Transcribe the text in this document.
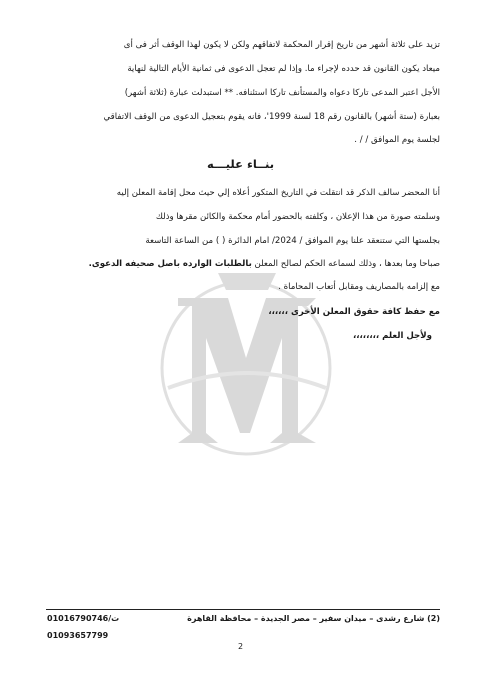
تزيد على ثلاثة أشهر من تاريخ إقرار المحكمة لاتفاقهم ولكن لا يكون لهذا الوقف أثر فى أى
ميعاد يكون القانون قد حدده لإجراء ما. وإذا لم تعجل الدعوى فى ثمانية الأيام التالية لنهاية
الأجل اعتبر المدعى تاركا دعواه والمستأنف تاركا استئنافه. ** استبدلت عبارة (ثلاثة أشهر)
بعبارة (ستة أشهر) بالقانون رقم 18 لسنة 1999'، فانه يقوم بتعجيل الدعوى من الوقف الاتفاقي
لجلسة يوم الموافق / / .
بنــاء عليـــه
أنا المحضر سالف الذكر قد انتقلت في التاريخ المتكور أعلاه إلي حيث محل إقامة المعلن إليه
وسلمته صورة من هذا الإعلان ، وكلفته بالحضور أمام محكمة والكائن مقرها وذلك
بجلستها التي ستنعقد علنا يوم الموافق / 2024/ امام الدائرة ( ) من الساعة التاسعة
صباحا وما بعدها ، وذلك لسماعه الحكم لصالح المعلن بالطلبات الوارده باصل صحيفه الدعوى.
مع إلزامه بالمصاريف ومقابل أتعاب المحاماة .
مع حفظ كافة حقوق المعلن الأخرى ،،،،،،
ولأجل العلم ،،،،،،،،
(2) شارع رشدى – ميدان سفير – مصر الجديدة – محافظة القاهرة
ت/01016790746
01093657799
2
